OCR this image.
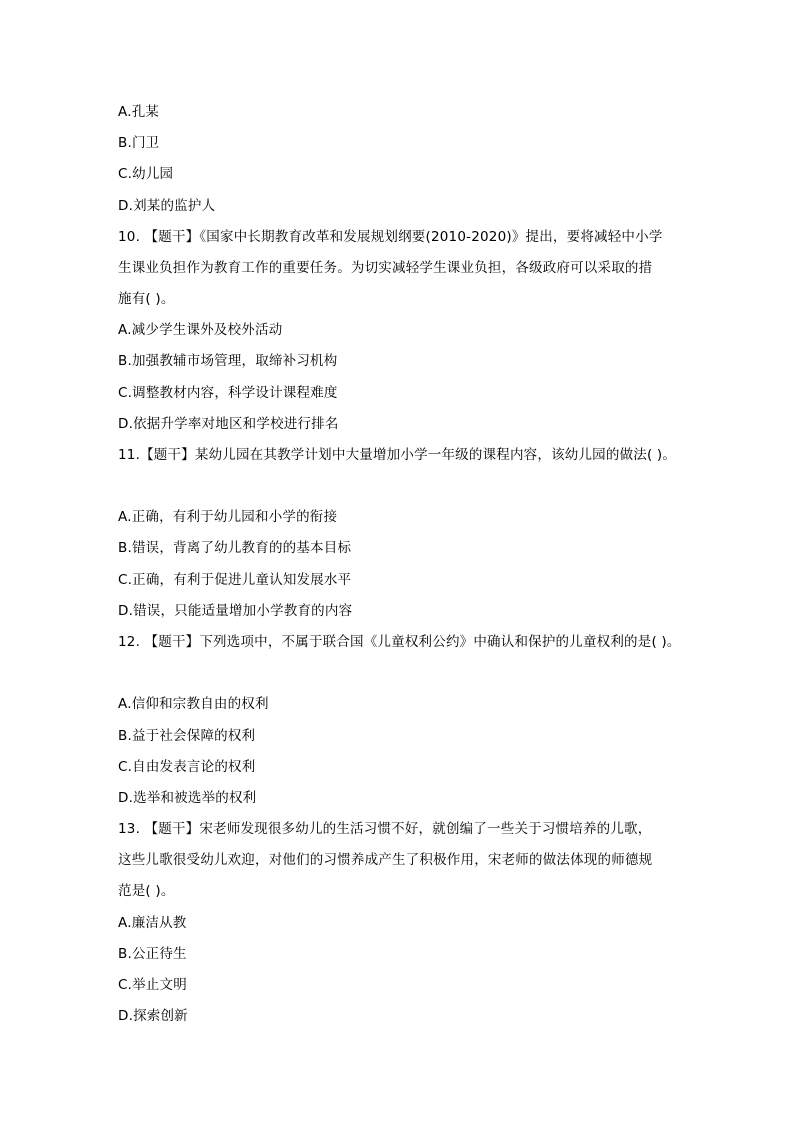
A.孔某
B.门卫
C.幼儿园
D.刘某的监护人
10. 【题干】《国家中长期教育改革和发展规划纲要(2010-2020)》提出，要将减轻中小学
生课业负担作为教育工作的重要任务。为切实减轻学生课业负担，各级政府可以采取的措
施有( )。
A.减少学生课外及校外活动
B.加强教辅市场管理，取缔补习机构
C.调整教材内容，科学设计课程难度
D.依据升学率对地区和学校进行排名
11.【题干】某幼儿园在其教学计划中大量增加小学一年级的课程内容，该幼儿园的做法( )。
A.正确，有利于幼儿园和小学的衔接
B.错误，背离了幼儿教育的的基本目标
C.正确，有利于促进儿童认知发展水平
D.错误，只能适量增加小学教育的内容
12. 【题干】下列选项中，不属于联合国《儿童权利公约》中确认和保护的儿童权利的是( )。
A.信仰和宗教自由的权利
B.益于社会保障的权利
C.自由发表言论的权利
D.选举和被选举的权利
13. 【题干】宋老师发现很多幼儿的生活习惯不好，就创编了一些关于习惯培养的儿歌，
这些儿歌很受幼儿欢迎，对他们的习惯养成产生了积极作用，宋老师的做法体现的师德规
范是( )。
A.廉洁从教
B.公正待生
C.举止文明
D.探索创新
